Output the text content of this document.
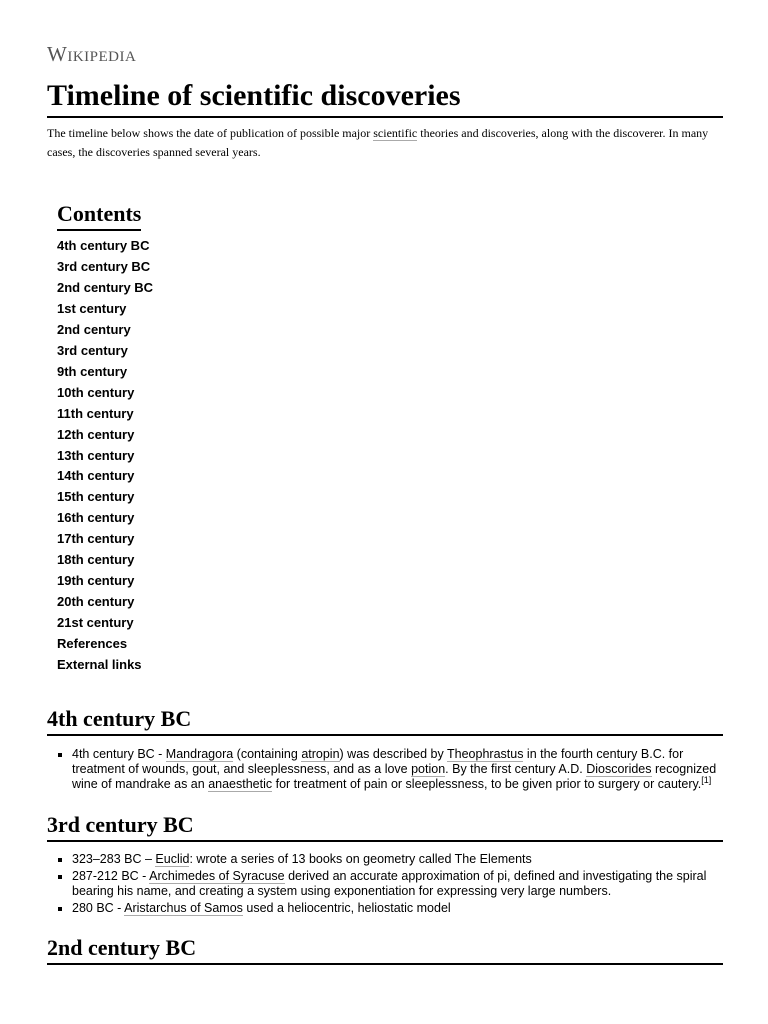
Wikipedia
Timeline of scientific discoveries

The timeline below shows the date of publication of possible major scientific theories and discoveries, along with the discoverer. In many cases, the discoveries spanned several years.

Contents
4th century BC
3rd century BC
2nd century BC
1st century
2nd century
3rd century
9th century
10th century
11th century
12th century
13th century
14th century
15th century
16th century
17th century
18th century
19th century
20th century
21st century
References
External links
4th century BC
▪ 4th century BC - Mandragora (containing atropin) was described by Theophrastus in the fourth century B.C. for treatment of wounds, gout, and sleeplessness, and as a love potion. By the first century A.D. Dioscorides recognized wine of mandrake as an anaesthetic for treatment of pain or sleeplessness, to be given prior to surgery or cautery.[1]
3rd century BC
▪ 323–283 BC – Euclid: wrote a series of 13 books on geometry called The Elements
▪ 287-212 BC - Archimedes of Syracuse derived an accurate approximation of pi, defined and investigating the spiral bearing his name, and creating a system using exponentiation for expressing very large numbers.
▪ 280 BC - Aristarchus of Samos used a heliocentric, heliostatic model
2nd century BC
